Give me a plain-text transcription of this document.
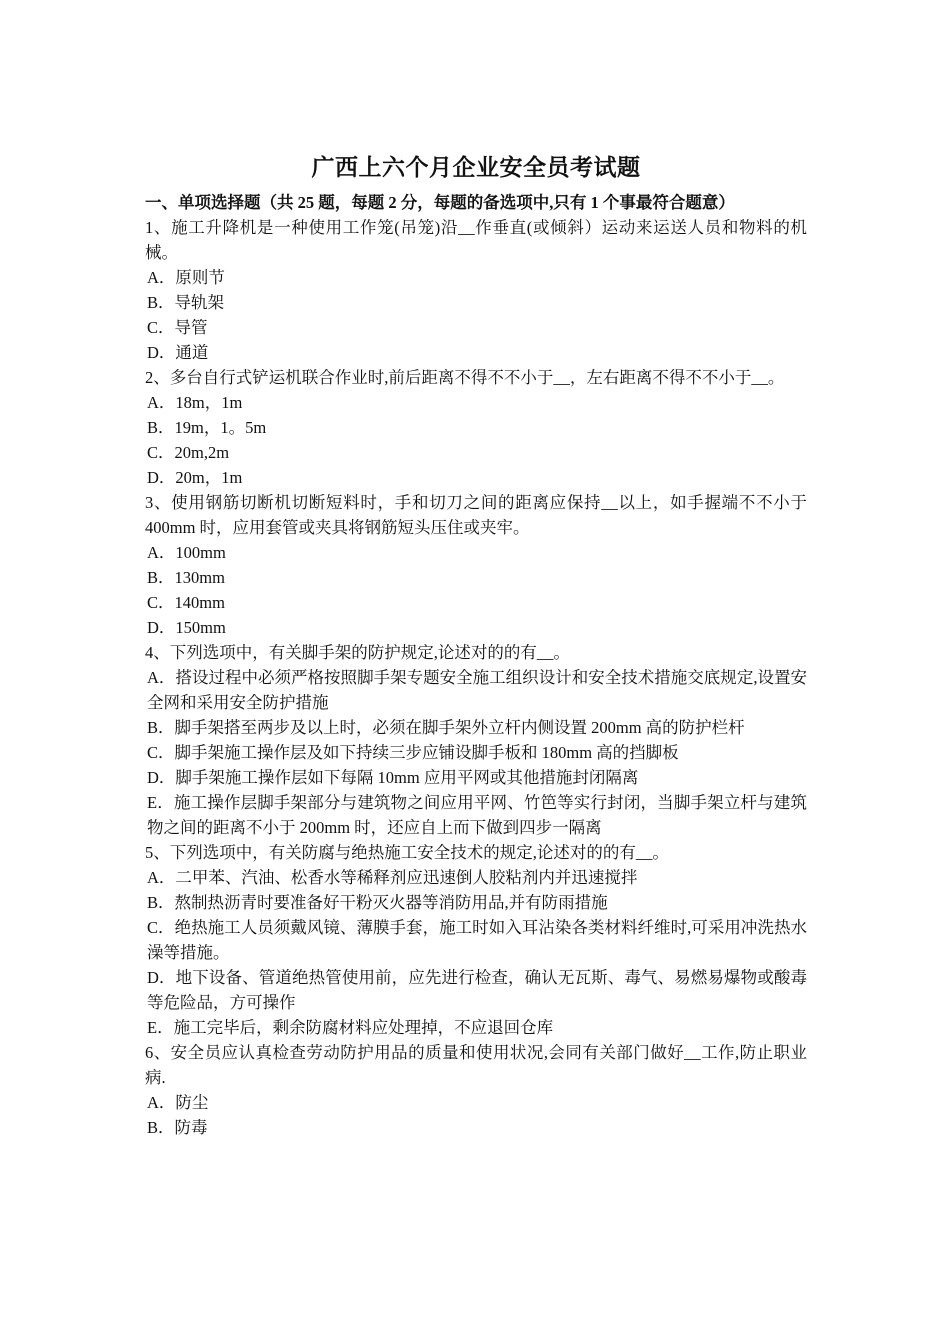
广西上六个月企业安全员考试题
一、单项选择题（共 25 题，每题 2 分，每题的备选项中,只有 1 个事最符合题意）
1、施工升降机是一种使用工作笼(吊笼)沿__作垂直(或倾斜）运动来运送人员和物料的机械。
A．原则节
B．导轨架
C．导管
D．通道
2、多台自行式铲运机联合作业时,前后距离不得不不小于__，左右距离不得不不小于__。
A．18m，1m
B．19m，1。5m
C．20m,2m
D．20m，1m
3、使用钢筋切断机切断短料时，手和切刀之间的距离应保持__以上，如手握端不不小于 400mm 时，应用套管或夹具将钢筋短头压住或夹牢。
A．100mm
B．130mm
C．140mm
D．150mm
4、下列选项中，有关脚手架的防护规定,论述对的的有__。
A．搭设过程中必须严格按照脚手架专题安全施工组织设计和安全技术措施交底规定,设置安全网和采用安全防护措施
B．脚手架搭至两步及以上时，必须在脚手架外立杆内侧设置 200mm 高的防护栏杆
C．脚手架施工操作层及如下持续三步应铺设脚手板和 180mm 高的挡脚板
D．脚手架施工操作层如下每隔 10mm 应用平网或其他措施封闭隔离
E．施工操作层脚手架部分与建筑物之间应用平网、竹笆等实行封闭，当脚手架立杆与建筑物之间的距离不小于 200mm 时，还应自上而下做到四步一隔离
5、下列选项中，有关防腐与绝热施工安全技术的规定,论述对的的有__。
A．二甲苯、汽油、松香水等稀释剂应迅速倒人胶粘剂内并迅速搅拌
B．熬制热沥青时要准备好干粉灭火器等消防用品,并有防雨措施
C．绝热施工人员须戴风镜、薄膜手套，施工时如入耳沾染各类材料纤维时,可采用冲洗热水澡等措施。
D．地下设备、管道绝热管使用前，应先进行检查，确认无瓦斯、毒气、易燃易爆物或酸毒等危险品，方可操作
E．施工完毕后，剩余防腐材料应处理掉，不应退回仓库
6、安全员应认真检查劳动防护用品的质量和使用状况,会同有关部门做好__工作,防止职业病.
A．防尘
B．防毒
